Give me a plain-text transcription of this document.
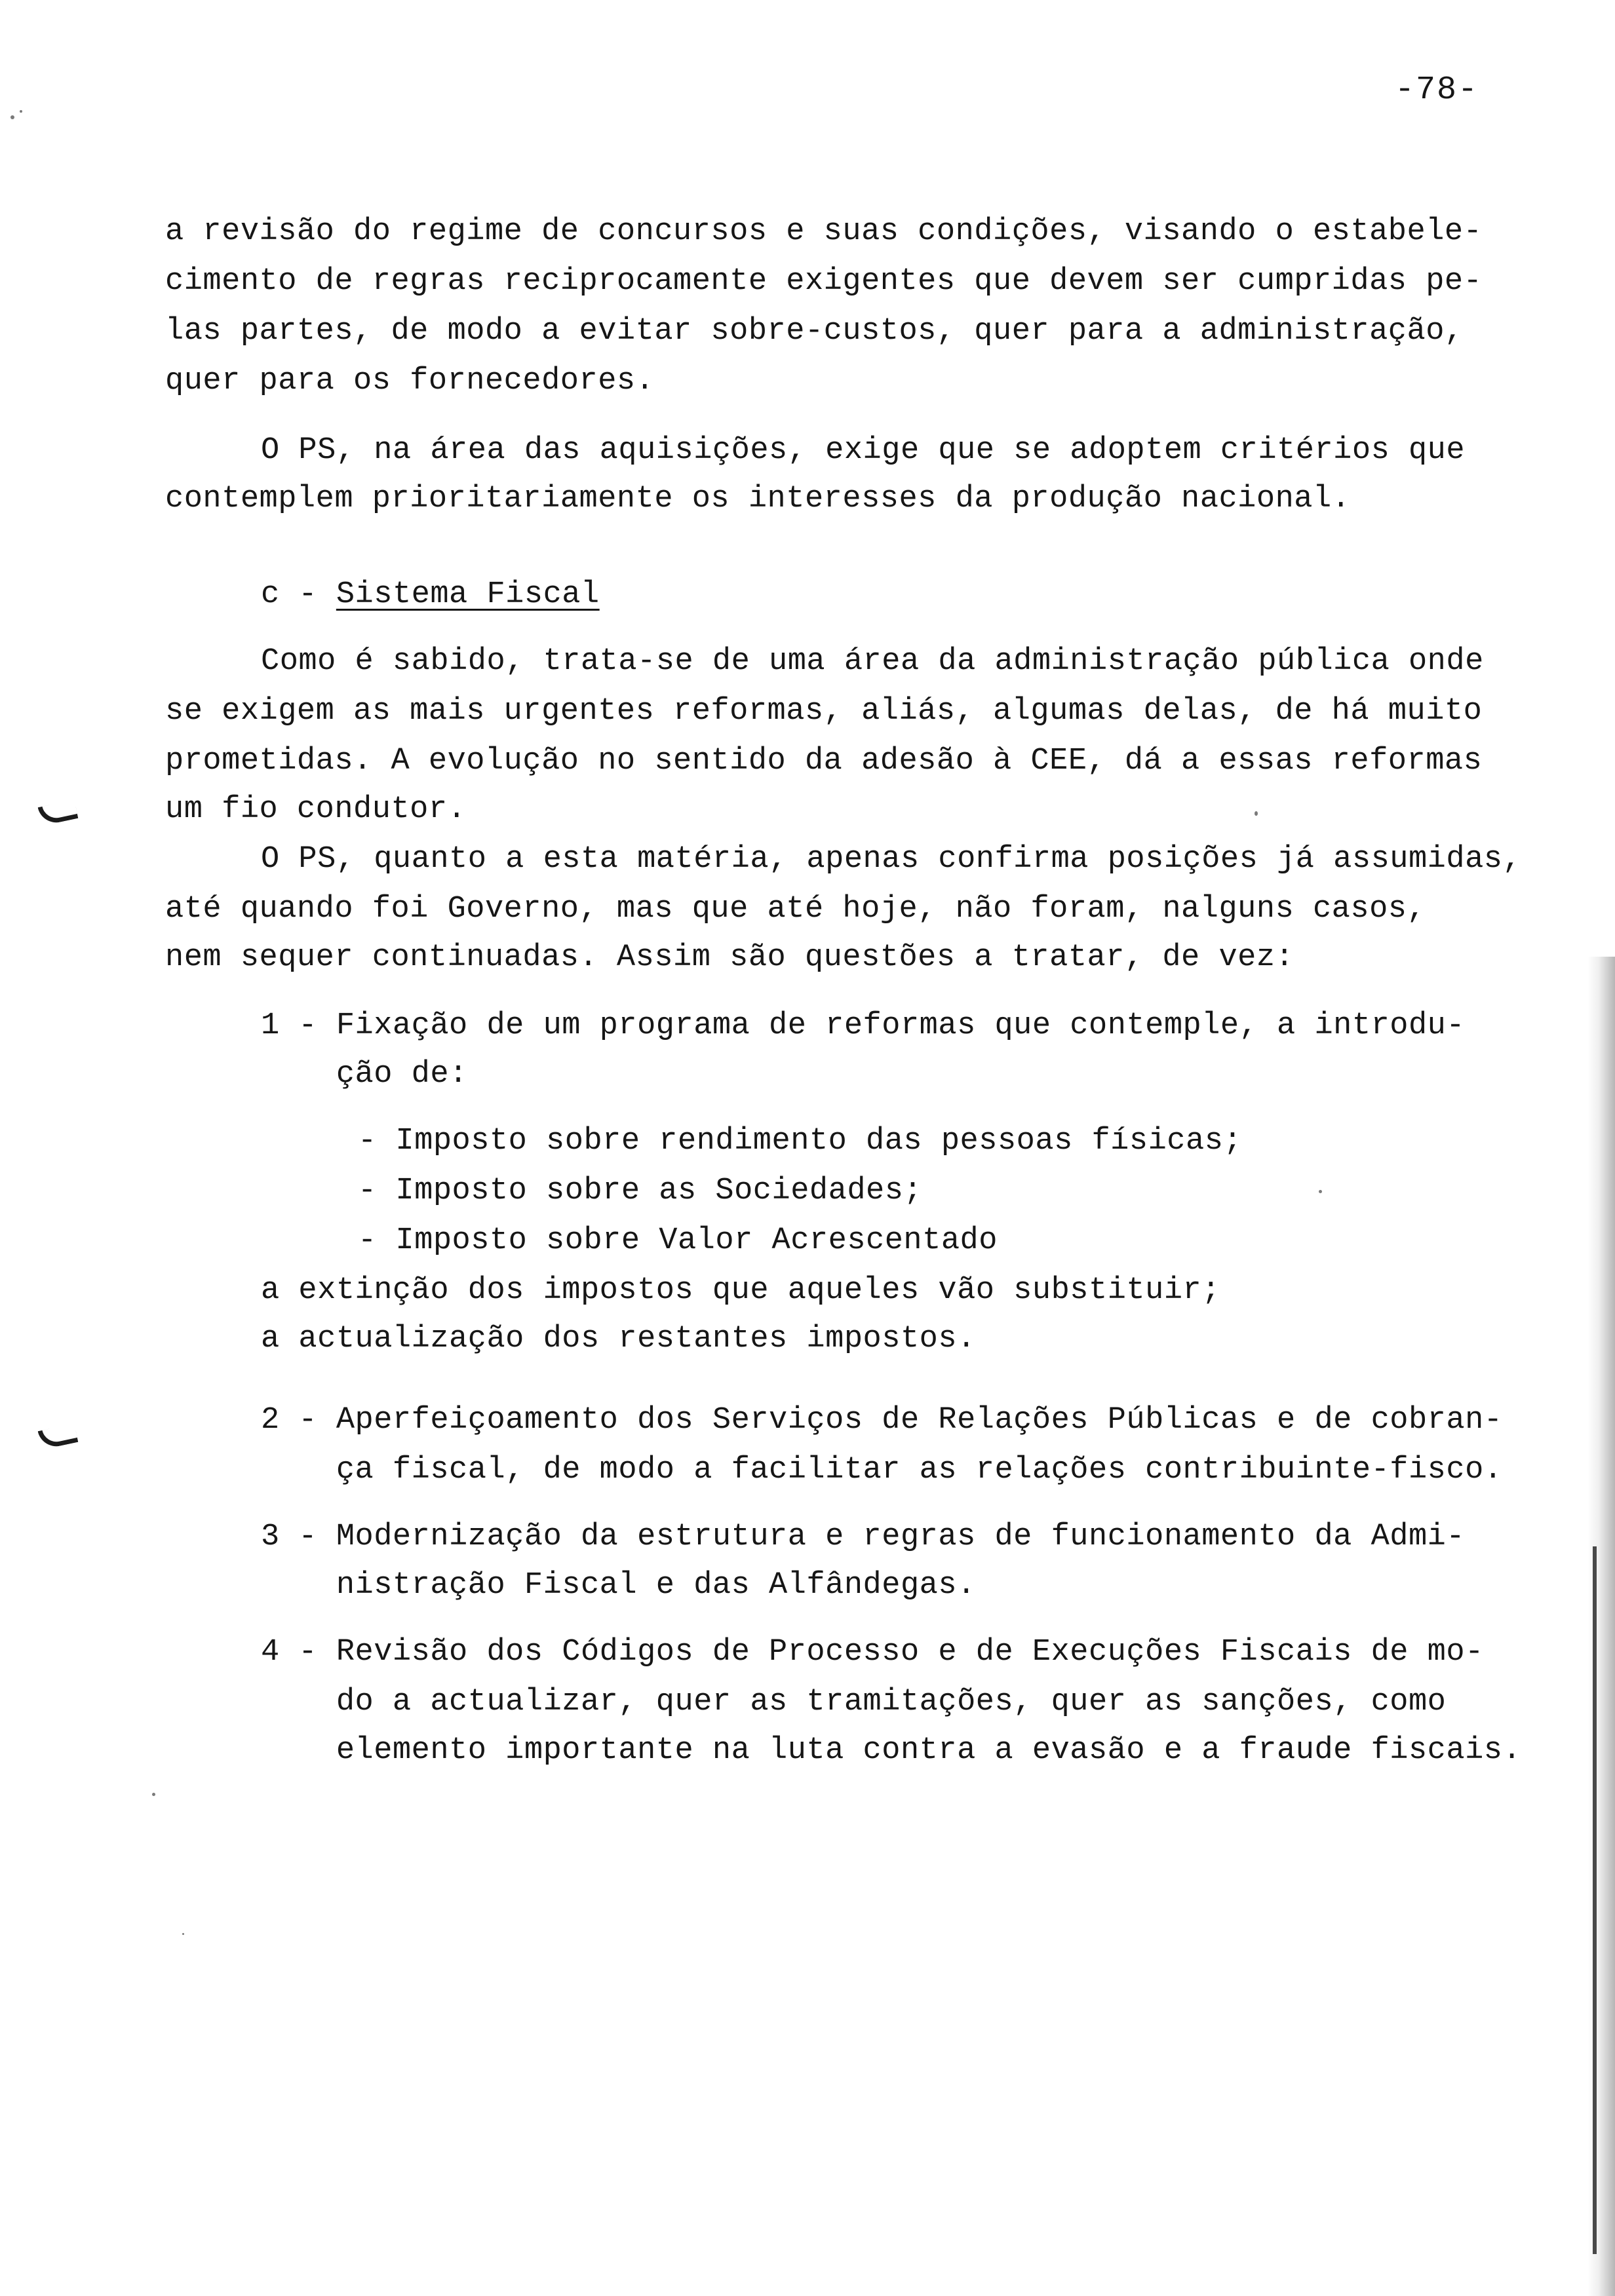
-78-
a revisão do regime de concursos e suas condições, visando o estabele-
cimento de regras reciprocamente exigentes que devem ser cumpridas pe-
las partes, de modo a evitar sobre-custos, quer para a administração,
quer para os fornecedores.
O PS, na área das aquisições, exige que se adoptem critérios que
contemplem prioritariamente os interesses da produção nacional.
c - Sistema Fiscal
Como é sabido, trata-se de uma área da administração pública onde
se exigem as mais urgentes reformas, aliás, algumas delas, de há muito
prometidas. A evolução no sentido da adesão à CEE, dá a essas reformas
um fio condutor.
O PS, quanto a esta matéria, apenas confirma posições já assumidas,
até quando foi Governo, mas que até hoje, não foram, nalguns casos,
nem sequer continuadas. Assim são questões a tratar, de vez:
1 - Fixação de um programa de reformas que contemple, a introdu-
ção de:
- Imposto sobre rendimento das pessoas físicas;
- Imposto sobre as Sociedades;
- Imposto sobre Valor Acrescentado
a extinção dos impostos que aqueles vão substituir;
a actualização dos restantes impostos.
2 - Aperfeiçoamento dos Serviços de Relações Públicas e de cobran-
ça fiscal, de modo a facilitar as relações contribuinte-fisco.
3 - Modernização da estrutura e regras de funcionamento da Admi-
nistração Fiscal e das Alfândegas.
4 - Revisão dos Códigos de Processo e de Execuções Fiscais de mo-
do a actualizar, quer as tramitações, quer as sanções, como
elemento importante na luta contra a evasão e a fraude fiscais.
